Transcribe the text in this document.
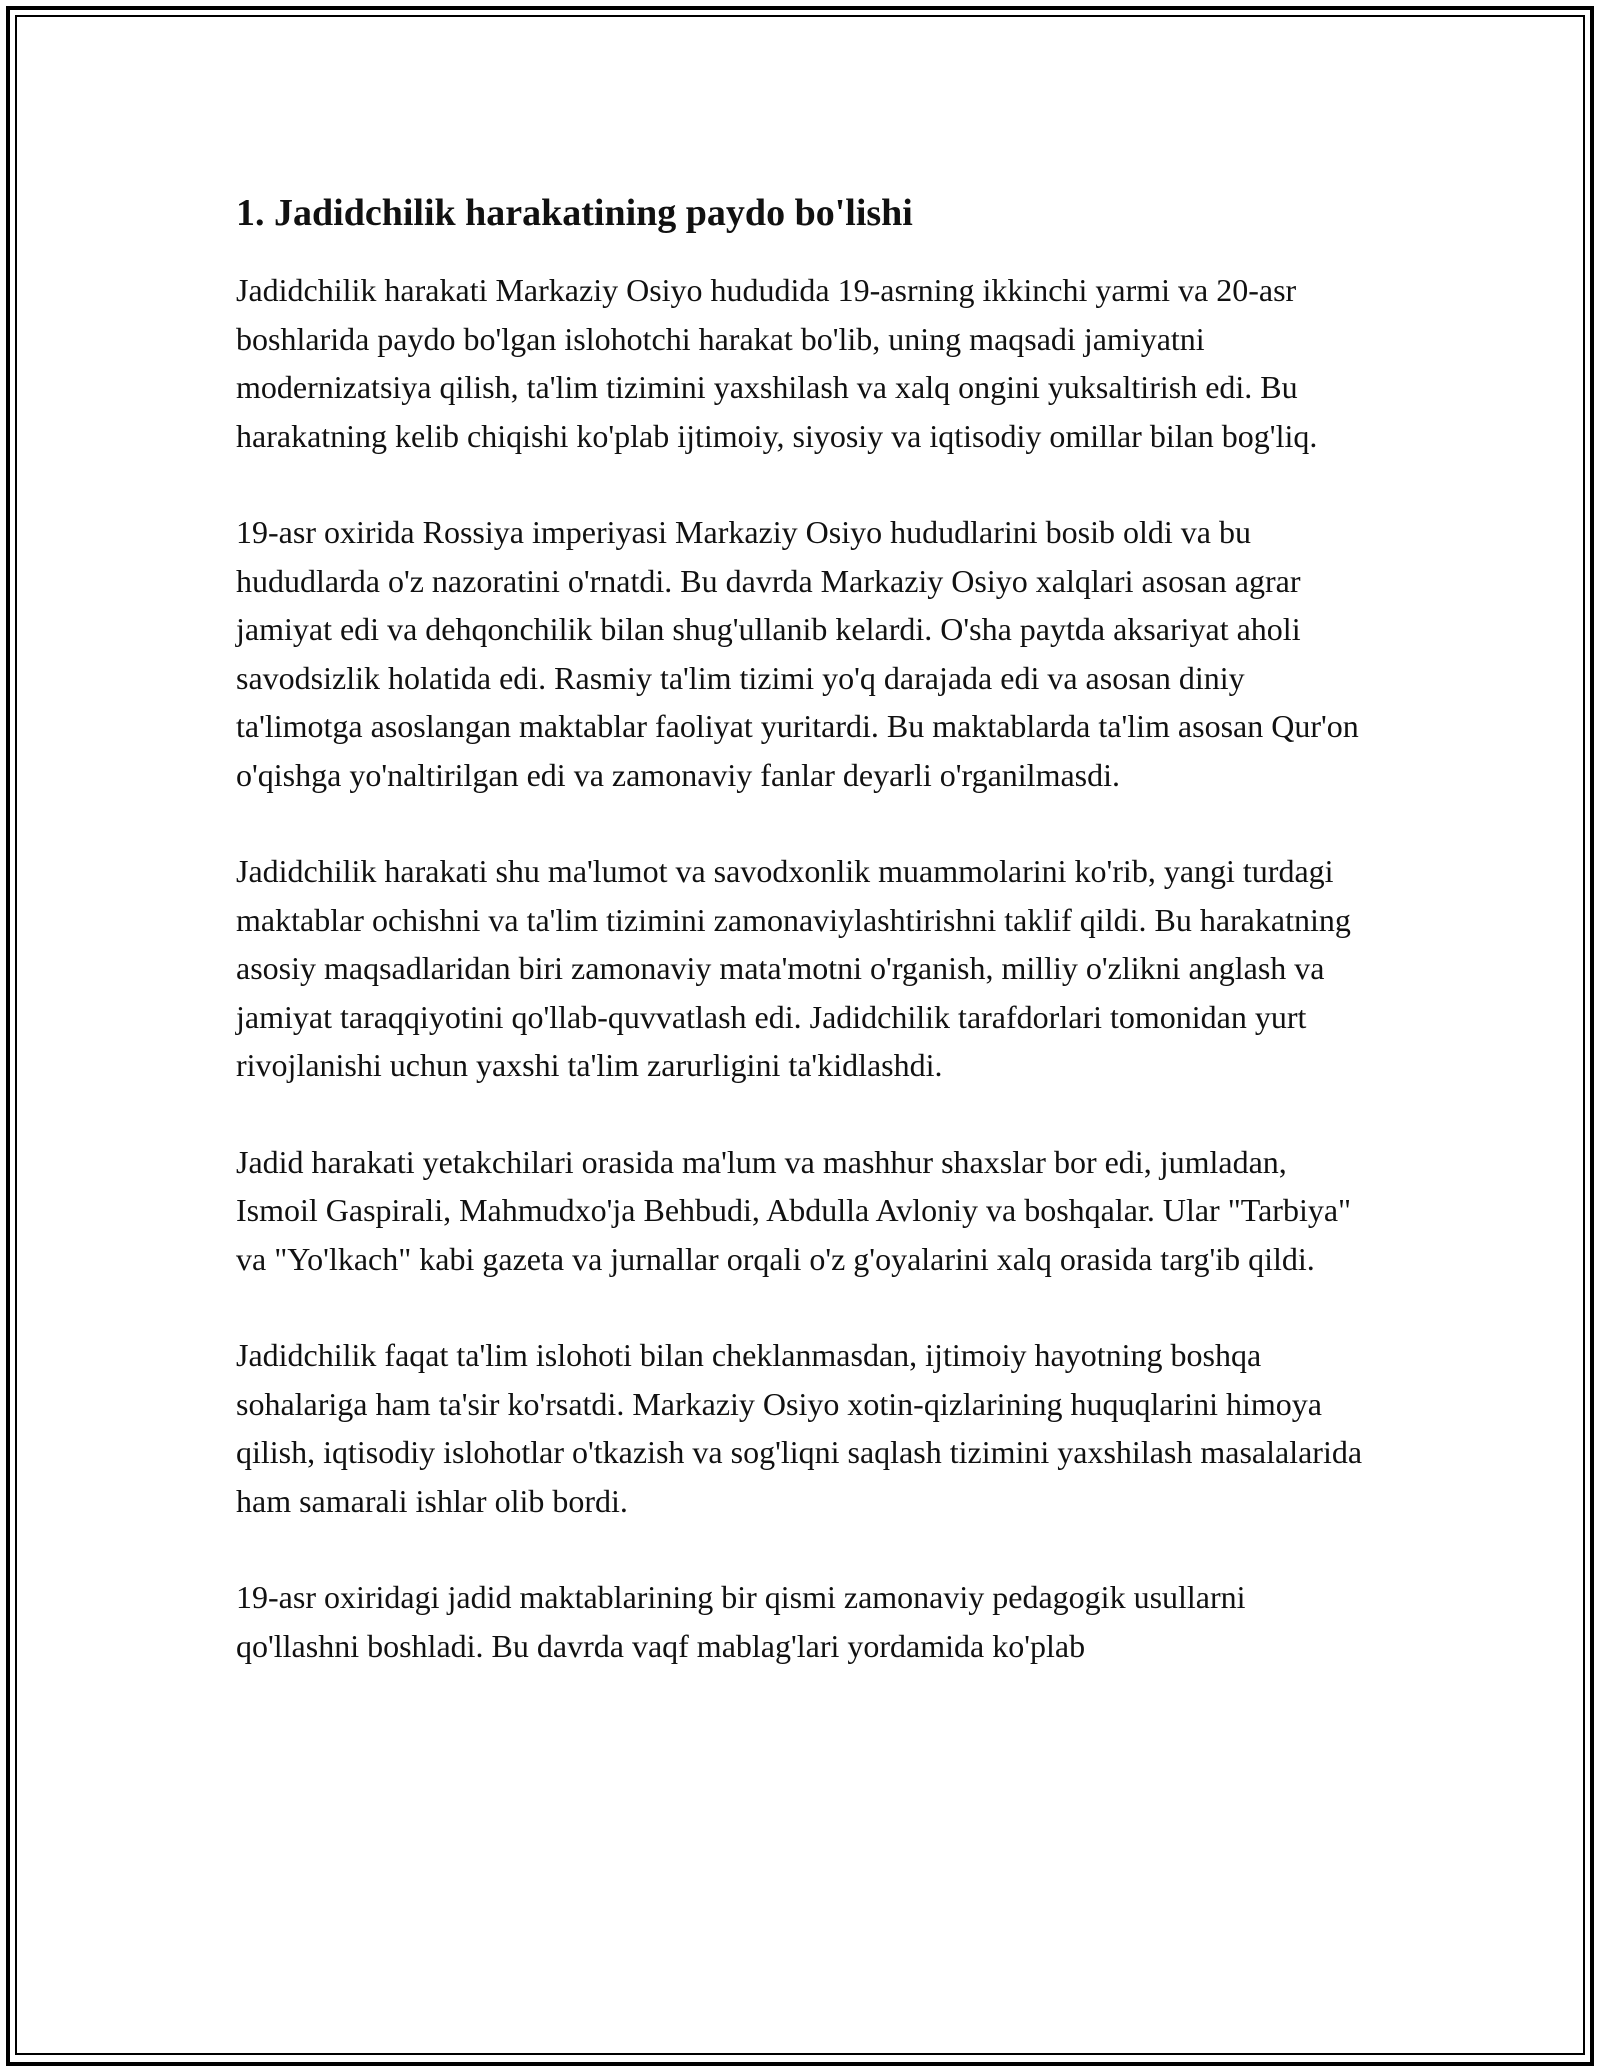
1. Jadidchilik harakatining paydo bo'lishi

Jadidchilik harakati Markaziy Osiyo hududida 19-asrning ikkinchi yarmi va 20-asr boshlarida paydo bo'lgan islohotchi harakat bo'lib, uning maqsadi jamiyatni modernizatsiya qilish, ta'lim tizimini yaxshilash va xalq ongini yuksaltirish edi. Bu harakatning kelib chiqishi ko'plab ijtimoiy, siyosiy va iqtisodiy omillar bilan bog'liq.

19-asr oxirida Rossiya imperiyasi Markaziy Osiyo hududlarini bosib oldi va bu hududlarda o'z nazoratini o'rnatdi. Bu davrda Markaziy Osiyo xalqlari asosan agrar jamiyat edi va dehqonchilik bilan shug'ullanib kelardi. O'sha paytda aksariyat aholi savodsizlik holatida edi. Rasmiy ta'lim tizimi yo'q darajada edi va asosan diniy ta'limotga asoslangan maktablar faoliyat yuritardi. Bu maktablarda ta'lim asosan Qur'on o'qishga yo'naltirilgan edi va zamonaviy fanlar deyarli o'rganilmasdi.

Jadidchilik harakati shu ma'lumot va savodxonlik muammolarini ko'rib, yangi turdagi maktablar ochishni va ta'lim tizimini zamonaviylashtirishni taklif qildi. Bu harakatning asosiy maqsadlaridan biri zamonaviy mata'motni o'rganish, milliy o'zlikni anglash va jamiyat taraqqiyotini qo'llab-quvvatlash edi. Jadidchilik tarafdorlari tomonidan yurt rivojlanishi uchun yaxshi ta'lim zarurligini ta'kidlashdi.

Jadid harakati yetakchilari orasida ma'lum va mashhur shaxslar bor edi, jumladan, Ismoil Gaspirali, Mahmudxo'ja Behbudi, Abdulla Avloniy va boshqalar. Ular "Tarbiya" va "Yo'lkach" kabi gazeta va jurnallar orqali o'z g'oyalarini xalq orasida targ'ib qildi.

Jadidchilik faqat ta'lim islohoti bilan cheklanmasdan, ijtimoiy hayotning boshqa sohalariga ham ta'sir ko'rsatdi. Markaziy Osiyo xotin-qizlarining huquqlarini himoya qilish, iqtisodiy islohotlar o'tkazish va sog'liqni saqlash tizimini yaxshilash masalalarida ham samarali ishlar olib bordi.

19-asr oxiridagi jadid maktablarining bir qismi zamonaviy pedagogik usullarni qo'llashni boshladi. Bu davrda vaqf mablag'lari yordamida ko'plab
